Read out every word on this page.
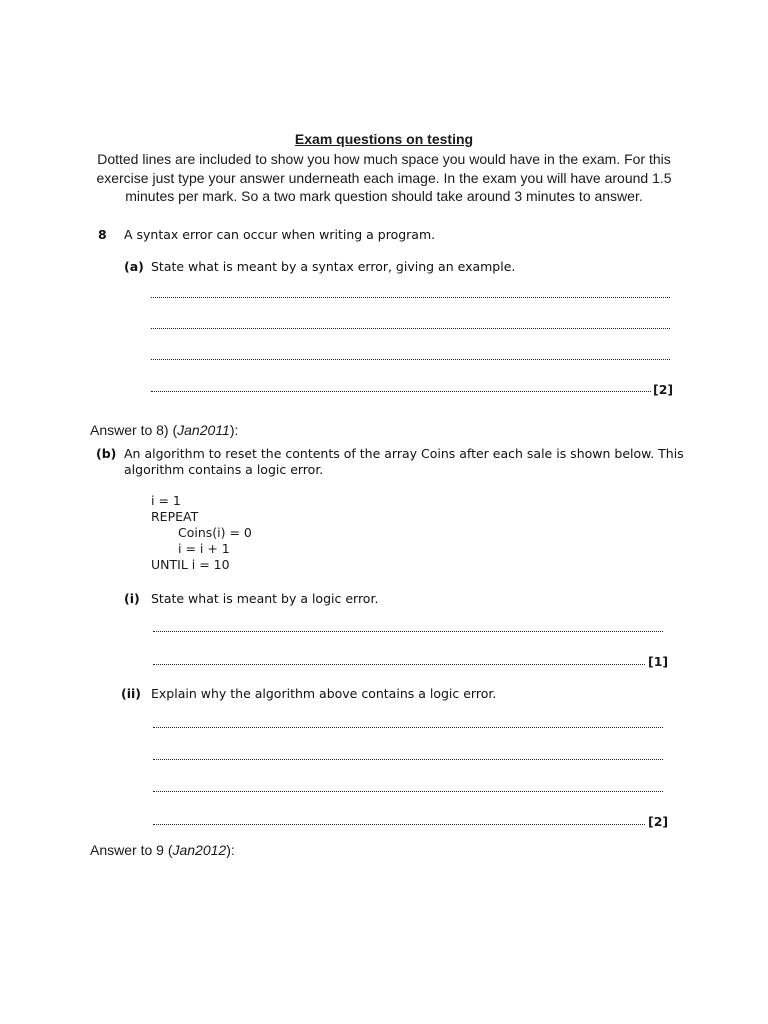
Exam questions on testing
Dotted lines are included to show you how much space you would have in the exam. For this exercise just type your answer underneath each image. In the exam you will have around 1.5 minutes per mark. So a two mark question should take around 3 minutes to answer.
8 A syntax error can occur when writing a program.
(a) State what is meant by a syntax error, giving an example.
[2]
Answer to 8) (Jan2011):
(b) An algorithm to reset the contents of the array Coins after each sale is shown below. This
algorithm contains a logic error.
i = 1
REPEAT
Coins(i) = 0
i = i + 1
UNTIL i = 10
(i) State what is meant by a logic error.
[1]
(ii) Explain why the algorithm above contains a logic error.
[2]
Answer to 9 (Jan2012):
